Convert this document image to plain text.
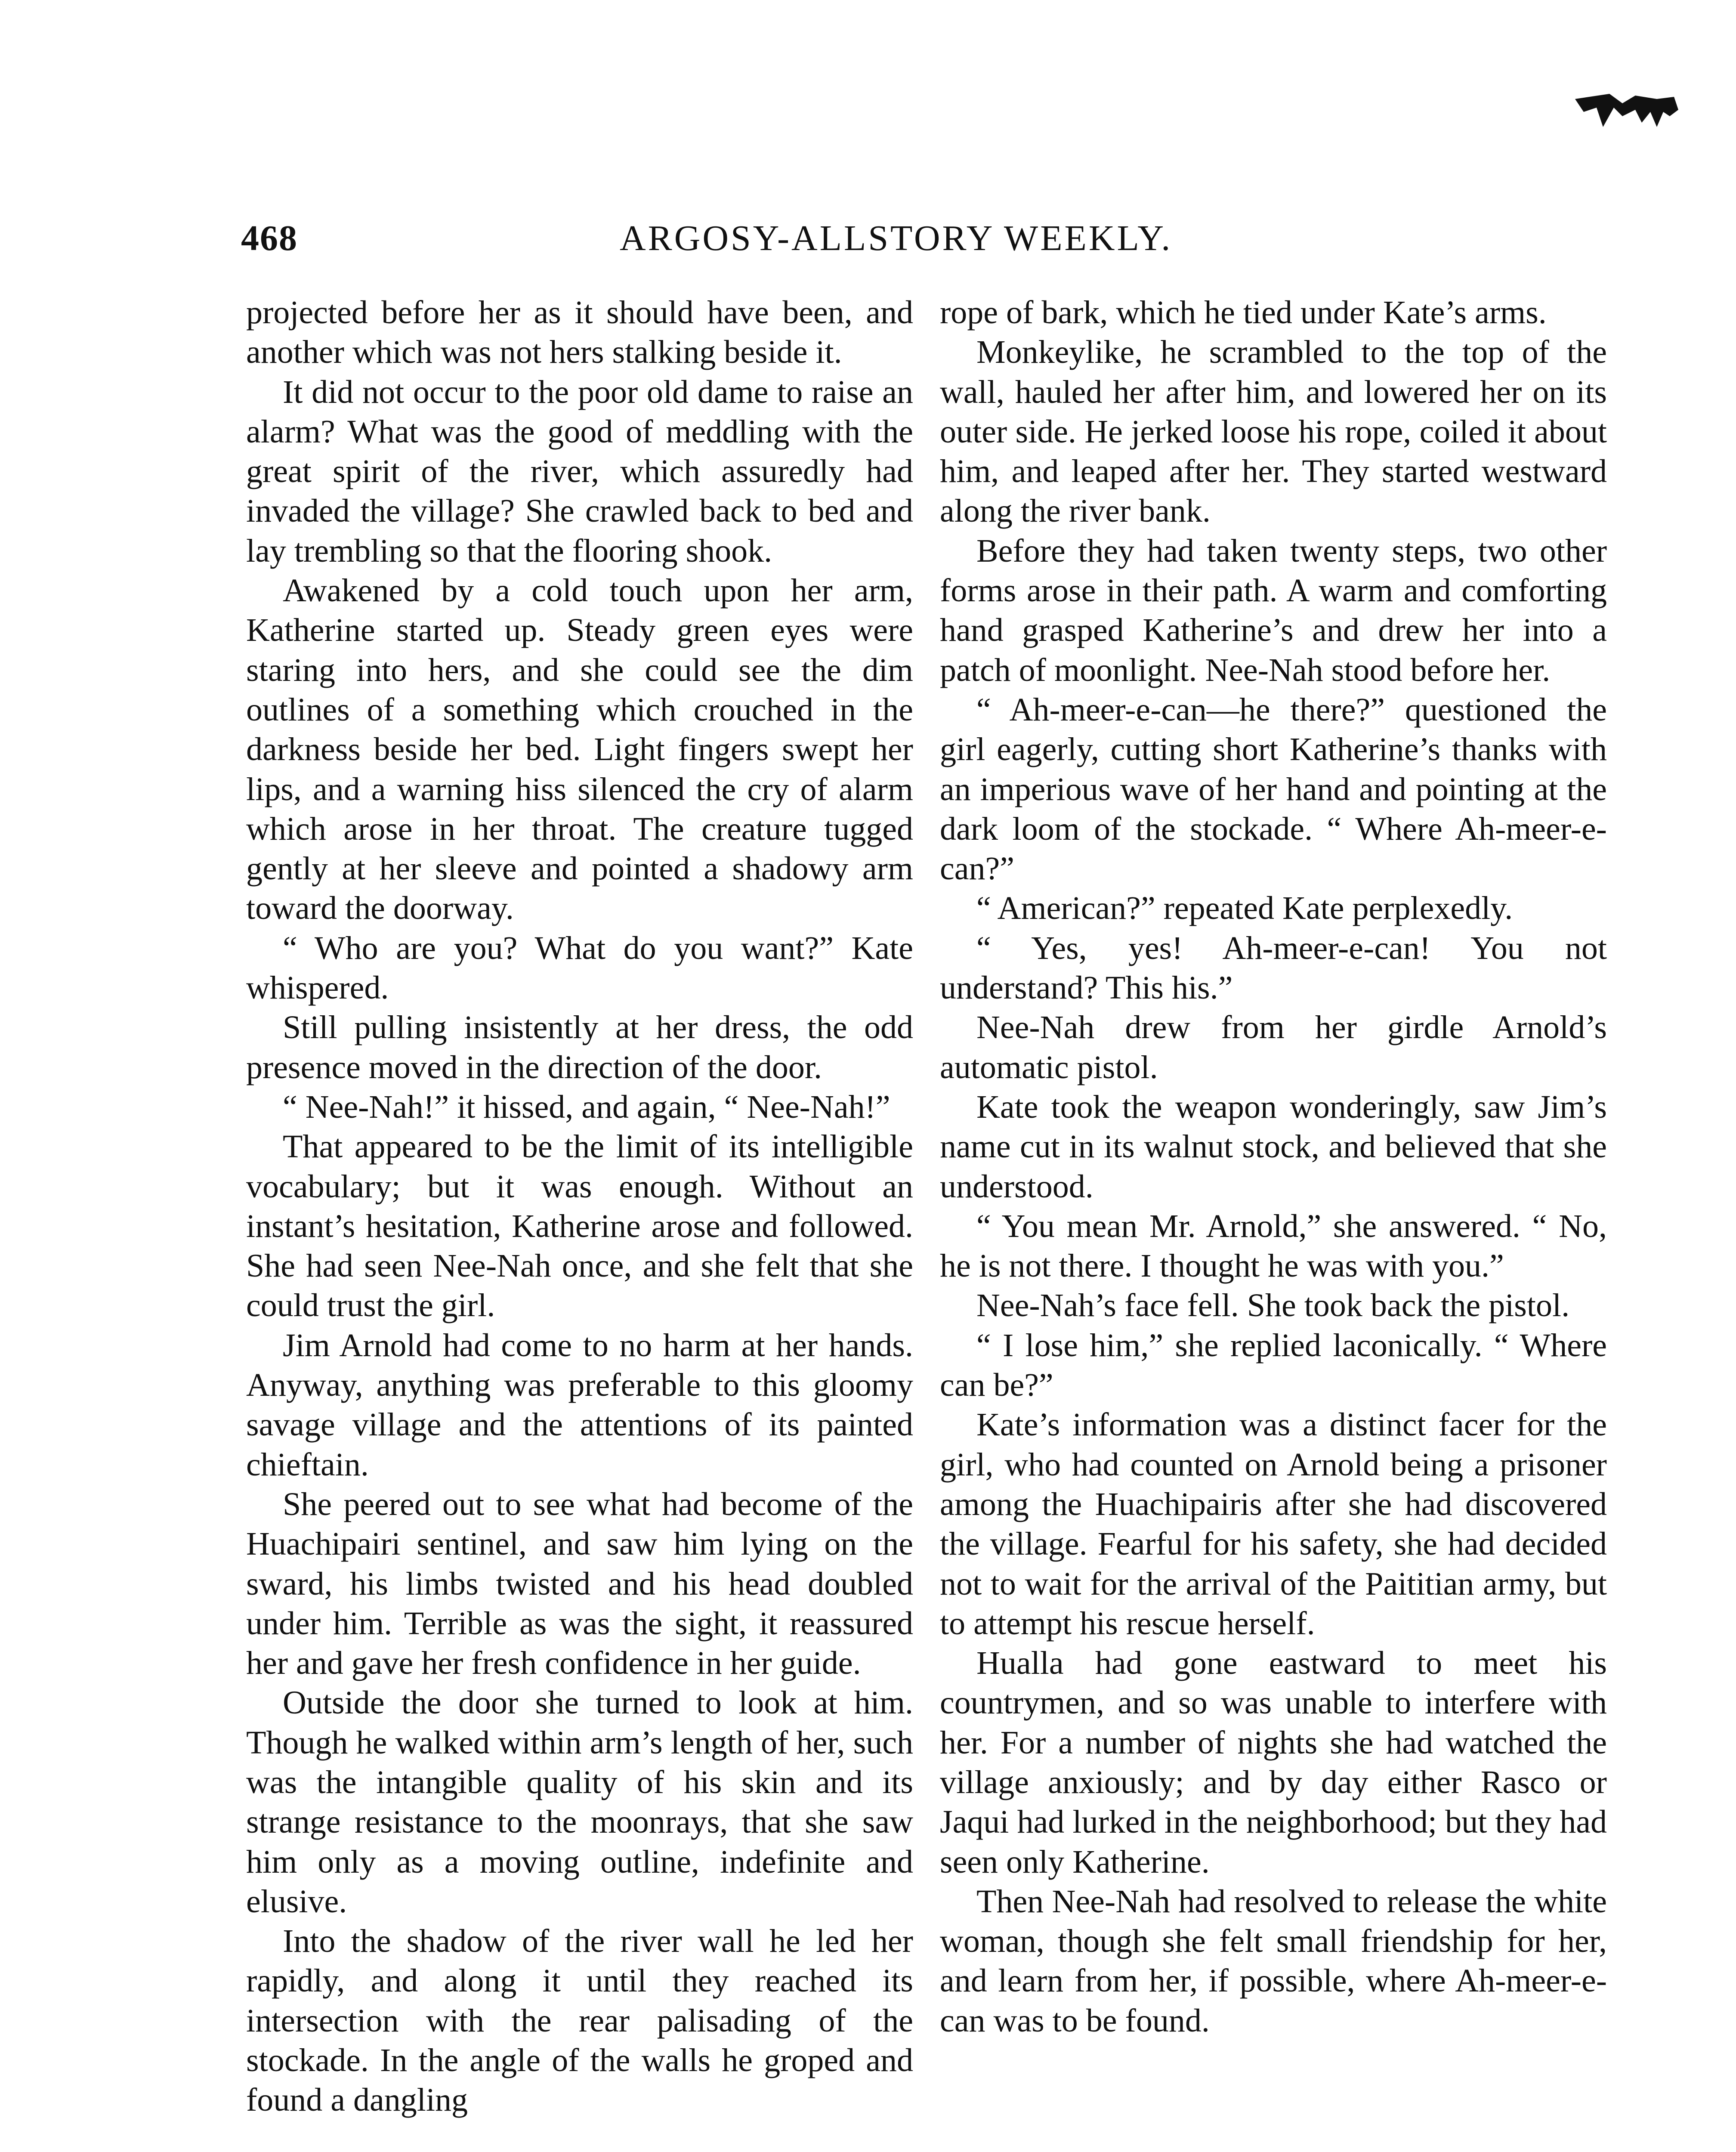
468	ARGOSY-ALLSTORY WEEKLY.

projected before her as it should have been, and another which was not hers stalking beside it.

It did not occur to the poor old dame to raise an alarm? What was the good of meddling with the great spirit of the river, which assuredly had invaded the village? She crawled back to bed and lay trembling so that the flooring shook.

Awakened by a cold touch upon her arm, Katherine started up. Steady green eyes were staring into hers, and she could see the dim outlines of a something which crouched in the darkness beside her bed. Light fingers swept her lips, and a warning hiss silenced the cry of alarm which arose in her throat. The creature tugged gently at her sleeve and pointed a shadowy arm toward the doorway.

“ Who are you? What do you want?” Kate whispered.

Still pulling insistently at her dress, the odd presence moved in the direction of the door.

“ Nee-Nah!” it hissed, and again, “ Nee-Nah!”

That appeared to be the limit of its intelligible vocabulary; but it was enough. Without an instant’s hesitation, Katherine arose and followed. She had seen Nee-Nah once, and she felt that she could trust the girl.

Jim Arnold had come to no harm at her hands. Anyway, anything was preferable to this gloomy savage village and the attentions of its painted chieftain.

She peered out to see what had become of the Huachipairi sentinel, and saw him lying on the sward, his limbs twisted and his head doubled under him. Terrible as was the sight, it reassured her and gave her fresh confidence in her guide.

Outside the door she turned to look at him. Though he walked within arm’s length of her, such was the intangible quality of his skin and its strange resistance to the moonrays, that she saw him only as a moving outline, indefinite and elusive.

Into the shadow of the river wall he led her rapidly, and along it until they reached its intersection with the rear palisading of the stockade. In the angle of the walls he groped and found a dangling

rope of bark, which he tied under Kate’s arms.

Monkeylike, he scrambled to the top of the wall, hauled her after him, and lowered her on its outer side. He jerked loose his rope, coiled it about him, and leaped after her. They started westward along the river bank.

Before they had taken twenty steps, two other forms arose in their path. A warm and comforting hand grasped Katherine’s and drew her into a patch of moonlight. Nee-Nah stood before her.

“ Ah-meer-e-can—he there?” questioned the girl eagerly, cutting short Katherine’s thanks with an imperious wave of her hand and pointing at the dark loom of the stockade. “ Where Ah-meer-e-can?”

“ American?” repeated Kate perplexedly.

“ Yes, yes! Ah-meer-e-can! You not understand? This his.”

Nee-Nah drew from her girdle Arnold’s automatic pistol.

Kate took the weapon wonderingly, saw Jim’s name cut in its walnut stock, and believed that she understood.

“ You mean Mr. Arnold,” she answered. “ No, he is not there. I thought he was with you.”

Nee-Nah’s face fell. She took back the pistol.

“ I lose him,” she replied laconically. “ Where can be?”

Kate’s information was a distinct facer for the girl, who had counted on Arnold being a prisoner among the Huachipairis after she had discovered the village. Fearful for his safety, she had decided not to wait for the arrival of the Paititian army, but to attempt his rescue herself.

Hualla had gone eastward to meet his countrymen, and so was unable to interfere with her. For a number of nights she had watched the village anxiously; and by day either Rasco or Jaqui had lurked in the neighborhood; but they had seen only Katherine.

Then Nee-Nah had resolved to release the white woman, though she felt small friendship for her, and learn from her, if possible, where Ah-meer-e-can was to be found.
